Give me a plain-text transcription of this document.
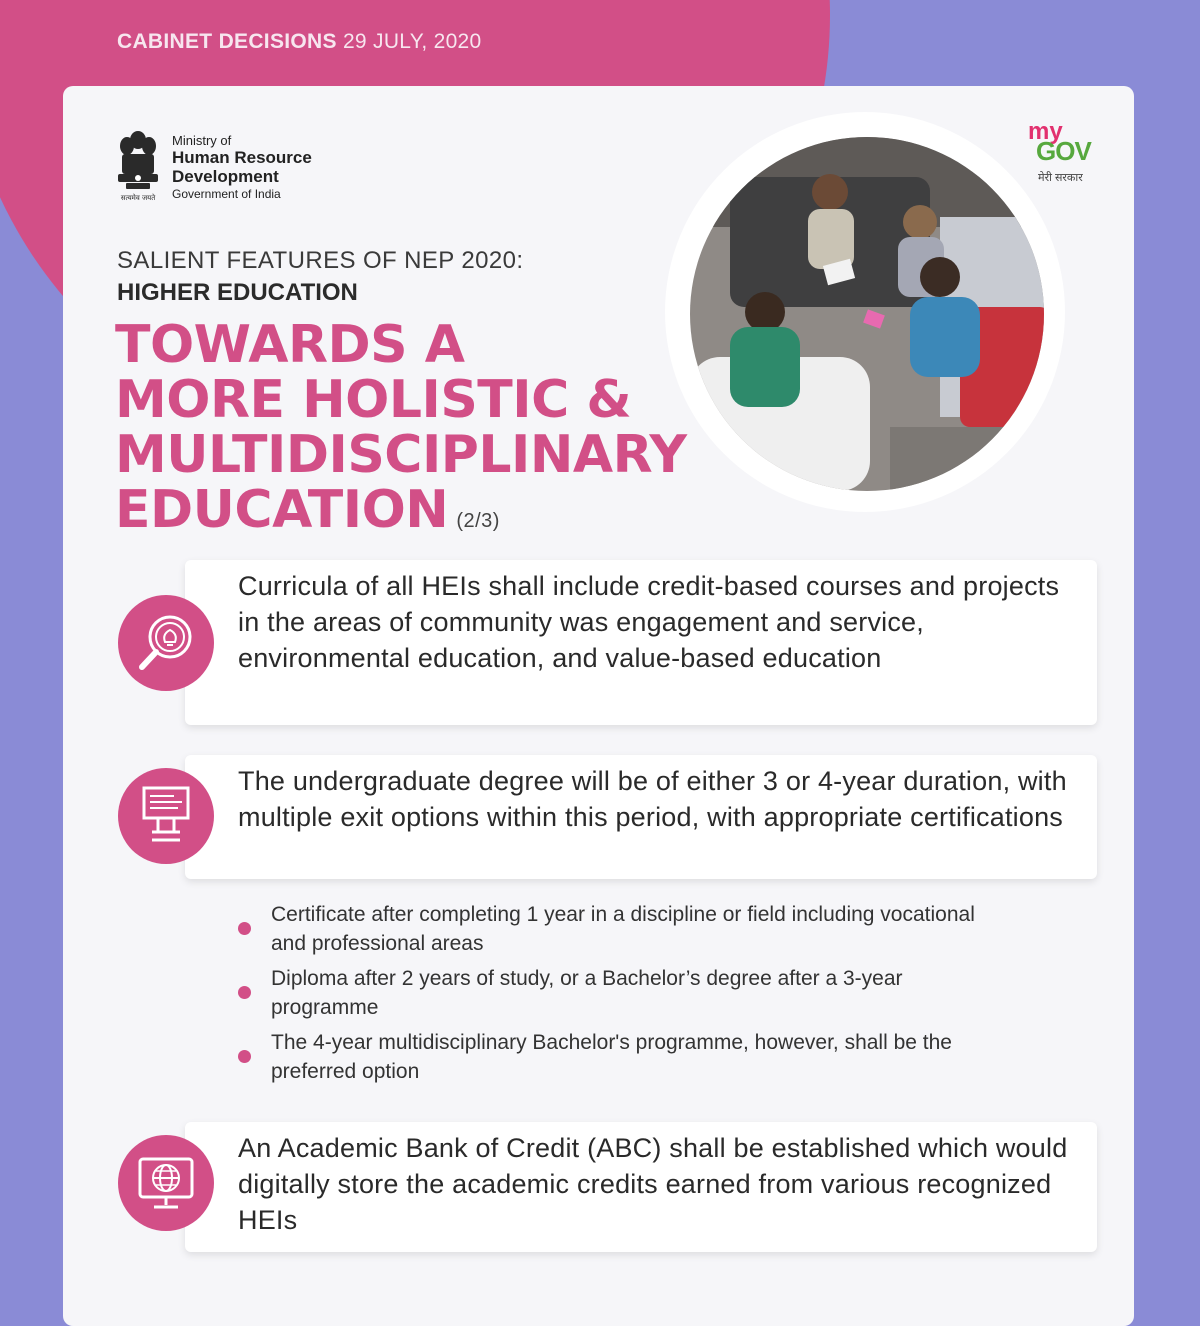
CABINET DECISIONS 29 JULY, 2020
सत्यमेव जयते
Ministry of
Human Resource
Development
Government of India
my
GOV
मेरी सरकार
SALIENT FEATURES OF NEP 2020:
HIGHER EDUCATION
TOWARDS A
MORE HOLISTIC &
MULTIDISCIPLINARY
EDUCATION (2/3)
Curricula of all HEIs shall include credit-based courses and projects in the areas of community was engagement and service, environmental education, and value-based education
The undergraduate degree will be of either 3 or 4-year duration, with multiple exit options within this period, with appropriate certifications
Certificate after completing 1 year in a discipline or field including vocational and professional areas
Diploma after 2 years of study, or a Bachelor’s degree after a 3-year programme
The 4-year multidisciplinary Bachelor's programme, however, shall be the preferred option
An Academic Bank of Credit (ABC) shall be established which would digitally store the academic credits earned from various recognized HEIs
